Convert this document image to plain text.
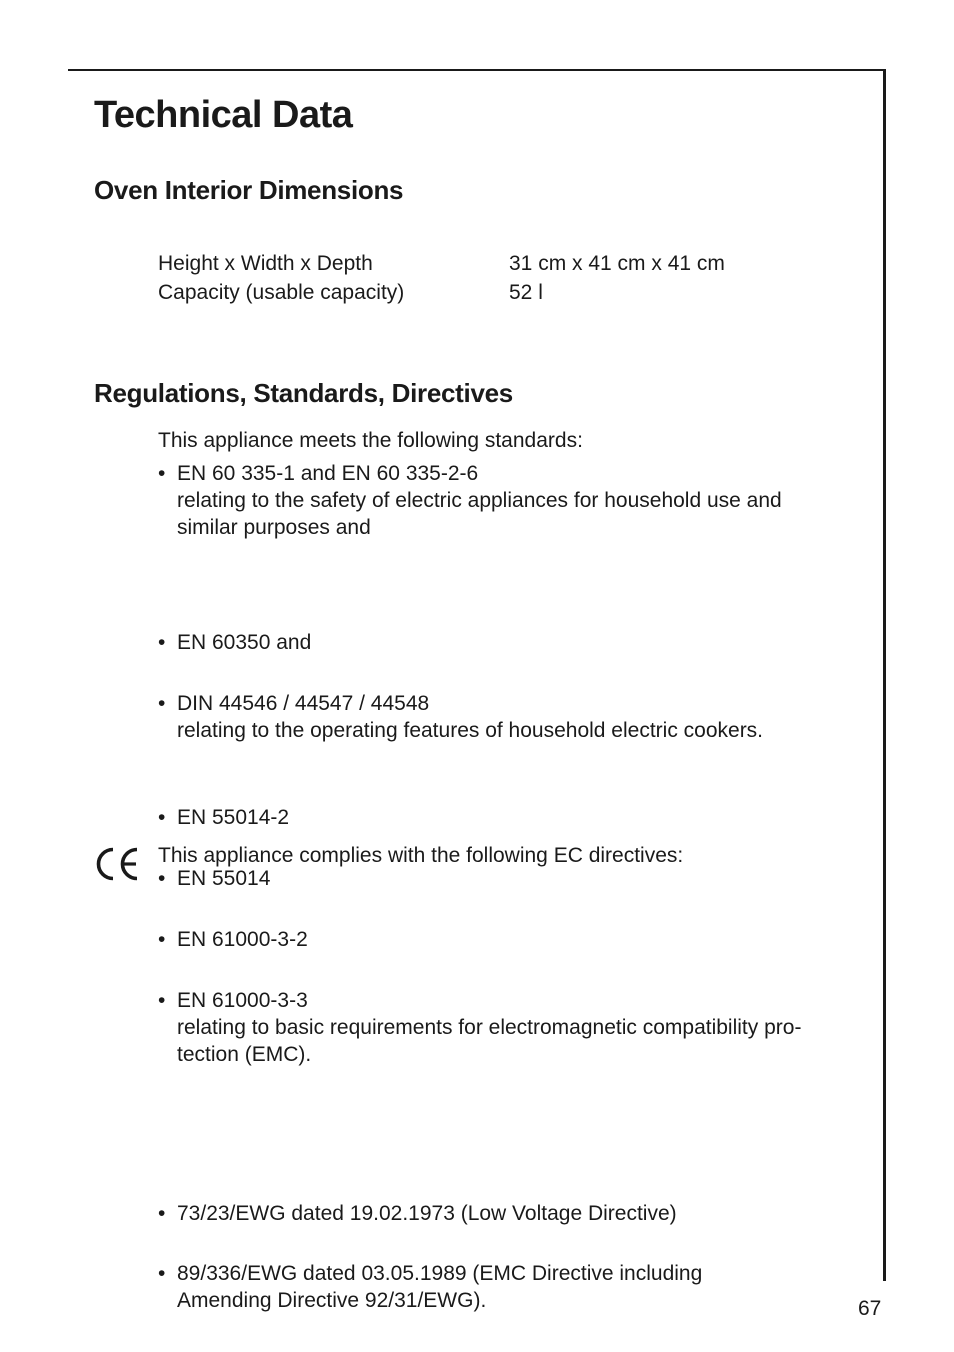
Technical Data
Oven Interior Dimensions
Height x Width x Depth	31 cm x 41 cm x 41 cm
Capacity (usable capacity)	52 l
Regulations, Standards, Directives
This appliance meets the following standards:
• EN 60 335-1 and EN 60 335-2-6
relating to the safety of electric appliances for household use and
similar purposes and
• EN 60350 and
• DIN 44546 / 44547 / 44548
relating to the operating features of household electric cookers.
• EN 55014-2
• EN 55014
• EN 61000-3-2
• EN 61000-3-3
relating to basic requirements for electromagnetic compatibility pro-
tection (EMC).
This appliance complies with the following EC directives:
• 73/23/EWG dated 19.02.1973 (Low Voltage Directive)
• 89/336/EWG dated 03.05.1989 (EMC Directive including
Amending Directive 92/31/EWG).	67
